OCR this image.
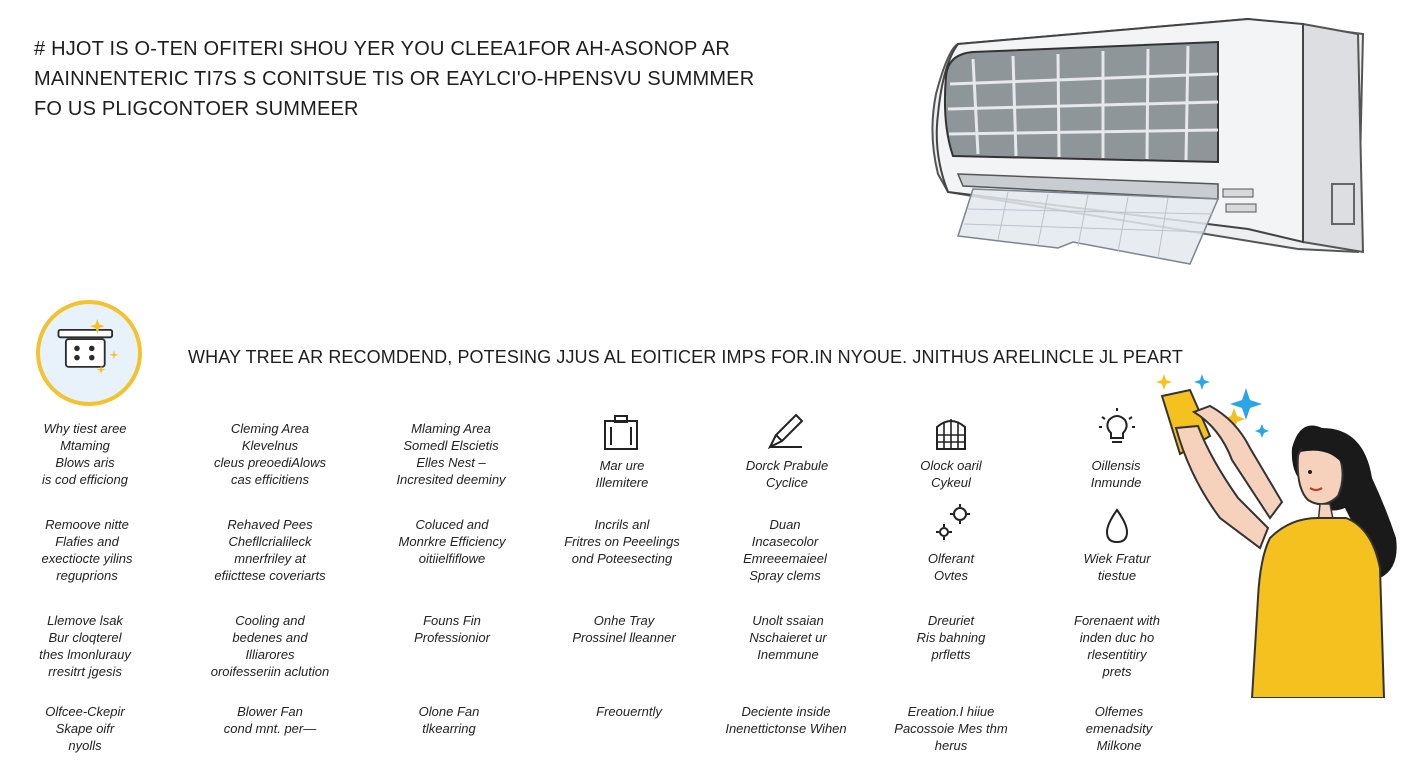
# HJOT IS O-TEN OFITERI SHOU YER YOU CLEEA1FOR AH-ASONOP AR
MAINNENTERIC TI7S S CONITSUE TIS OR EAYLCI'O-HPENSVU SUMMMER
FO US PLIGCONTOER SUMMEER
WHAY TREE AR RECOMDEND, POTESING JJUS AL EOITICER IMPS FOR.IN NYOUE. JNITHUS ARELINCLE JL PEART
Why tiest aree
Mtaming
Blows aris
is cod efficiong
Cleming Area
Klevelnus
cleus preoediAlows
cas efficitiens
Mlaming Area
Somedl Elscietis
Elles Nest –
Incresited deeminy
Mar ure
Illemitere
Dorck Prabule
Cyclice
Olock oaril
Cykeul
Oillensis
Inmunde
Remoove nitte
Flafies and
exectiocte yilins
reguprions
Rehaved Pees
Chefllcrialileck
mnerfriley at
efiicttese coveriarts
Coluced and
Monrkre Efficiency
oitiielfiflowe
Incrils anl
Fritres on Peeelings
ond Poteesecting
Duan
Incasecolor
Emreeemaieel
Spray clems
Olferant
Ovtes
Wiek Fratur
tiestue
Llemove lsak
Bur cloqterel
thes lmonlurauy
rresitrt jgesis
Cooling and
bedenes and
Illiarores
oroifesseriin aclution
Founs Fin
Professionior
Onhe Tray
Prossinel lleanner
Unolt ssaian
Nschaieret ur
Inemmune
Dreuriet
Ris bahning
prfletts
Forenaent with
inden duc ho
rlesentitiry
prets
Olfcee-Ckepir
Skape oifr
nyolls
Blower Fan
cond mnt. per—
Olone Fan
tlkearring
Freouerntly	Deciente inside
Inenettictonse Wihen
Ereation.I hiiue
Pacossoie Mes thm
herus
Olfemes
emenadsity
Milkone
